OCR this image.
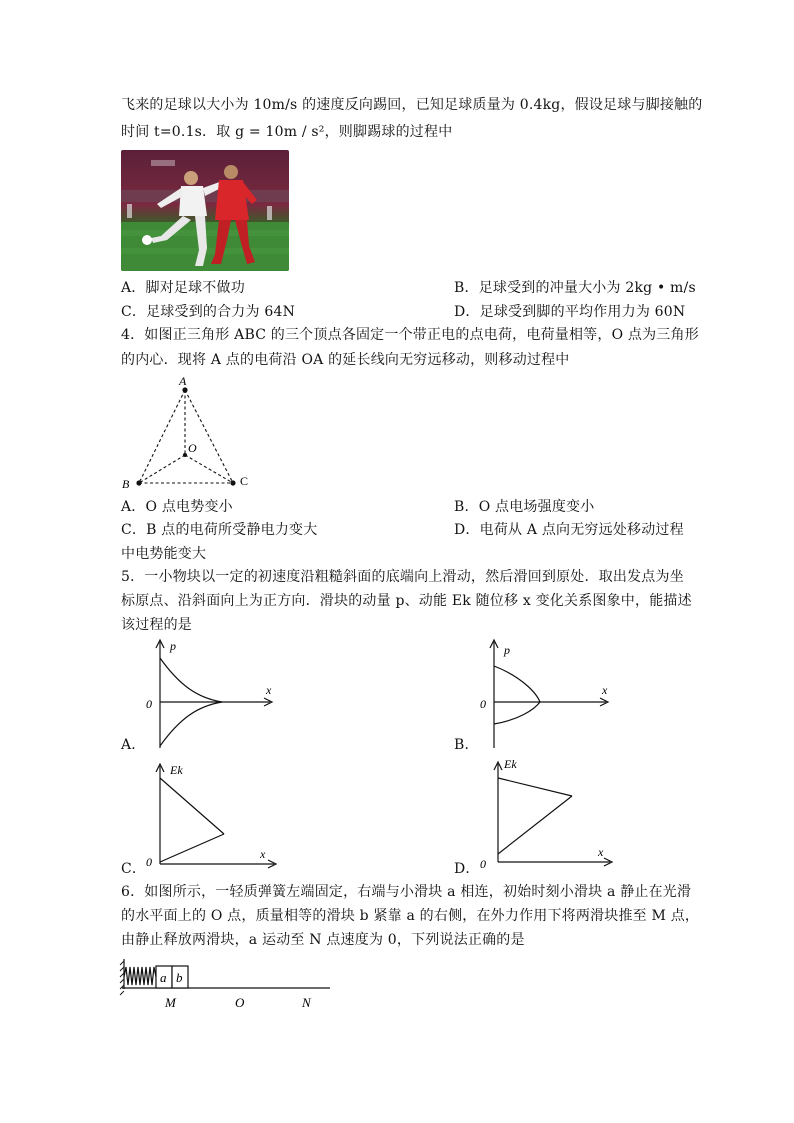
飞来的足球以大小为 10m/s 的速度反向踢回，已知足球质量为 0.4kg，假设足球与脚接触的
时间 t=0.1s．取 g = 10m / s²，则脚踢球的过程中
A．脚对足球不做功	B．足球受到的冲量大小为 2kg • m/s
C．足球受到的合力为 64N	D．足球受到脚的平均作用力为 60N
4．如图正三角形 ABC 的三个顶点各固定一个带正电的点电荷，电荷量相等，O 点为三角形
的内心．现将 A 点的电荷沿 OA 的延长线向无穷远移动，则移动过程中
A
B	C
O
A．O 点电势变小	B．O 点电场强度变小
C．B 点的电荷所受静电力变大	D．电荷从 A 点向无穷远处移动过程
中电势能变大
5．一小物块以一定的初速度沿粗糙斜面的底端向上滑动，然后滑回到原处．取出发点为坐
标原点、沿斜面向上为正方向．滑块的动量 p、动能 Ek 随位移 x 变化关系图象中，能描述
该过程的是
p
x
0
A．
p
x
0
B．
Ek
x
0
C．
Ek
x
0
D．
6．如图所示，一轻质弹簧左端固定，右端与小滑块 a 相连，初始时刻小滑块 a 静止在光滑
的水平面上的 O 点，质量相等的滑块 b 紧靠 a 的右侧，在外力作用下将两滑块推至 M 点，
由静止释放两滑块，a 运动至 N 点速度为 0，下列说法正确的是
a b
M	O	N
